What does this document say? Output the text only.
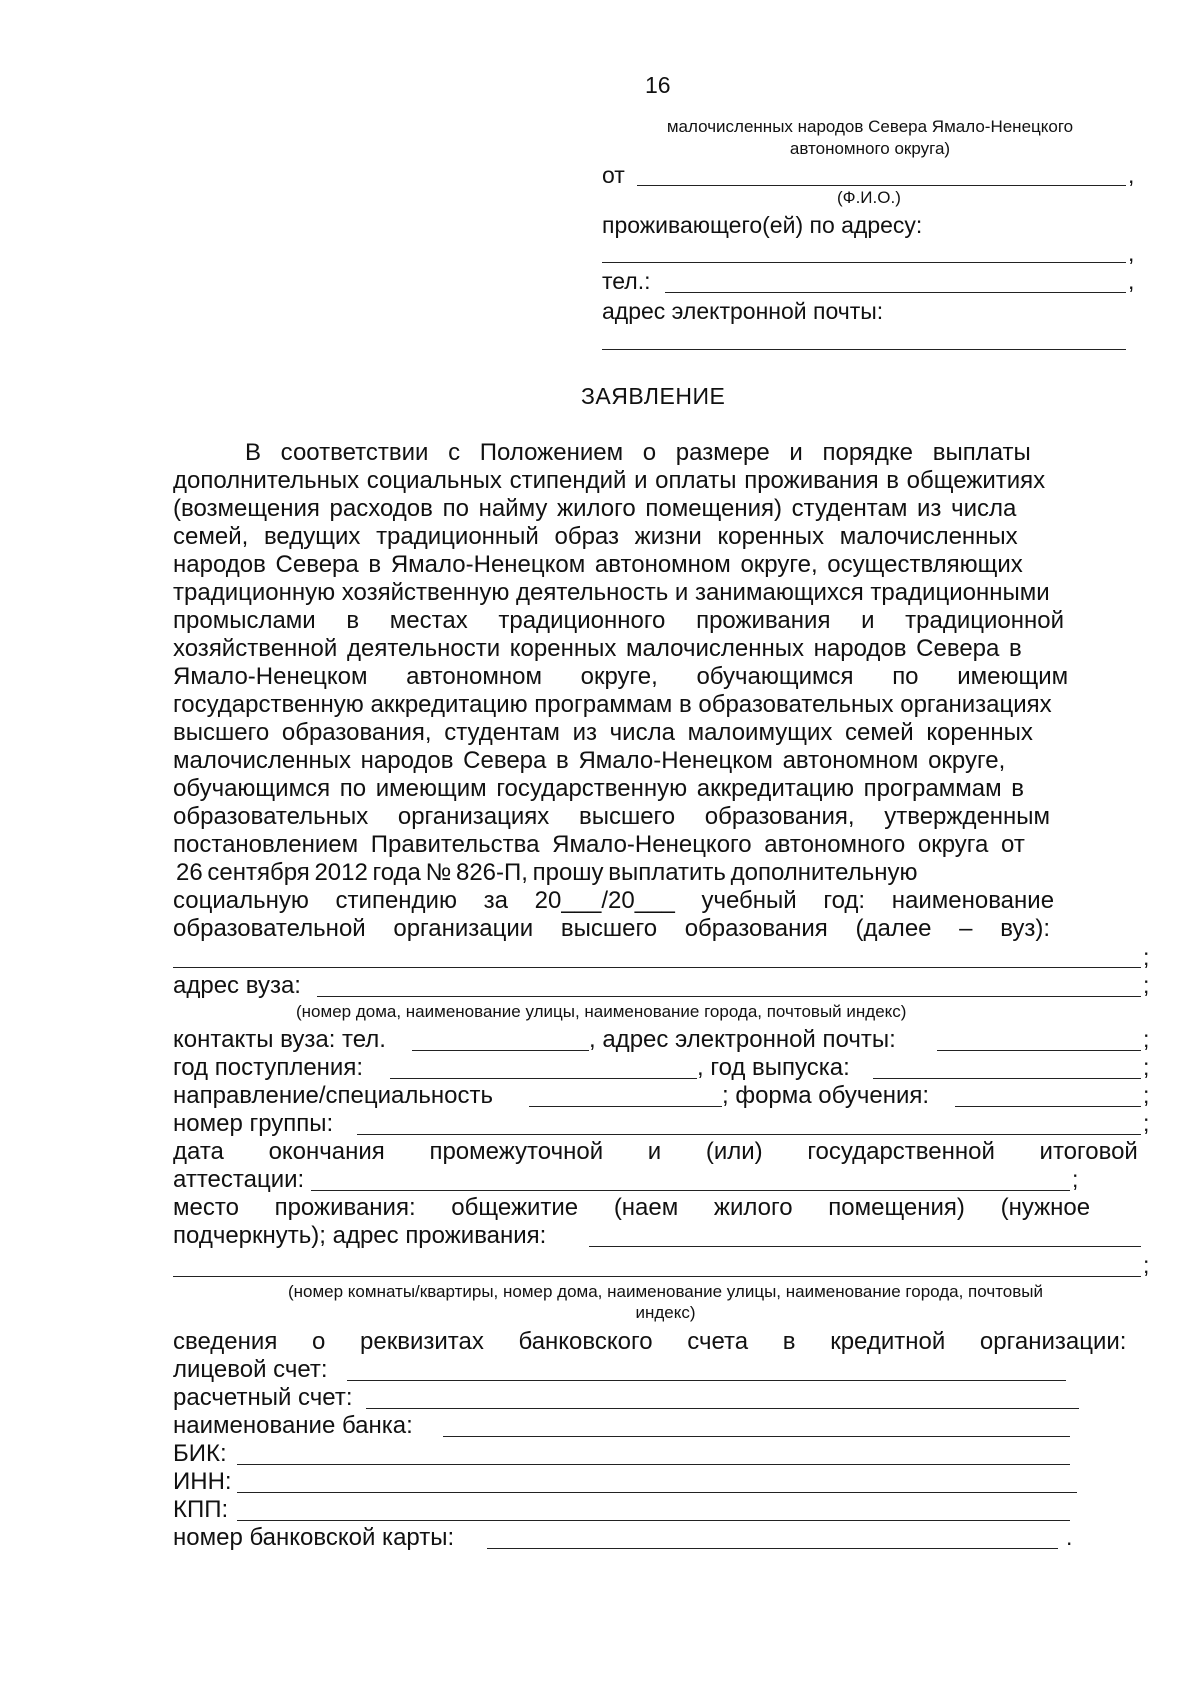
16
малочисленных народов Севера Ямало-Ненецкого
автономного округа)
от	,
(Ф.И.О.)
проживающего(ей) по адресу:
,
тел.:	,
адрес электронной почты:
ЗАЯВЛЕНИЕ
В соответствии с Положением о размере и порядке выплаты
дополнительных социальных стипендий и оплаты проживания в общежитиях
(возмещения расходов по найму жилого помещения) студентам из числа
семей, ведущих традиционный образ жизни коренных малочисленных
народов Севера в Ямало-Ненецком автономном округе, осуществляющих
традиционную хозяйственную деятельность и занимающихся традиционными
промыслами в местах традиционного проживания и традиционной
хозяйственной деятельности коренных малочисленных народов Севера в
Ямало-Ненецком автономном округе, обучающимся по имеющим
государственную аккредитацию программам в образовательных организациях
высшего образования, студентам из числа малоимущих семей коренных
малочисленных народов Севера в Ямало-Ненецком автономном округе,
обучающимся по имеющим государственную аккредитацию программам в
образовательных организациях высшего образования, утвержденным
постановлением Правительства Ямало-Ненецкого автономного округа от
26 сентября 2012 года № 826-П, прошу выплатить дополнительную
социальную стипендию за 20___/20___ учебный год: наименование
образовательной организации высшего образования (далее – вуз):
;
адрес вуза:	;
(номер дома, наименование улицы, наименование города, почтовый индекс)
контакты вуза: тел.	, адрес электронной почты:	;
год поступления:	, год выпуска:	;
направление/специальность	; форма обучения:	;
номер группы:	;
дата окончания промежуточной и (или) государственной итоговой
аттестации:	;
место проживания: общежитие (наем жилого помещения) (нужное
подчеркнуть); адрес проживания:
;
(номер комнаты/квартиры, номер дома, наименование улицы, наименование города, почтовый
индекс)
сведения о реквизитах банковского счета в кредитной организации:
лицевой счет:
расчетный счет:
наименование банка:
БИК:
ИНН:
КПП:
номер банковской карты:	.
